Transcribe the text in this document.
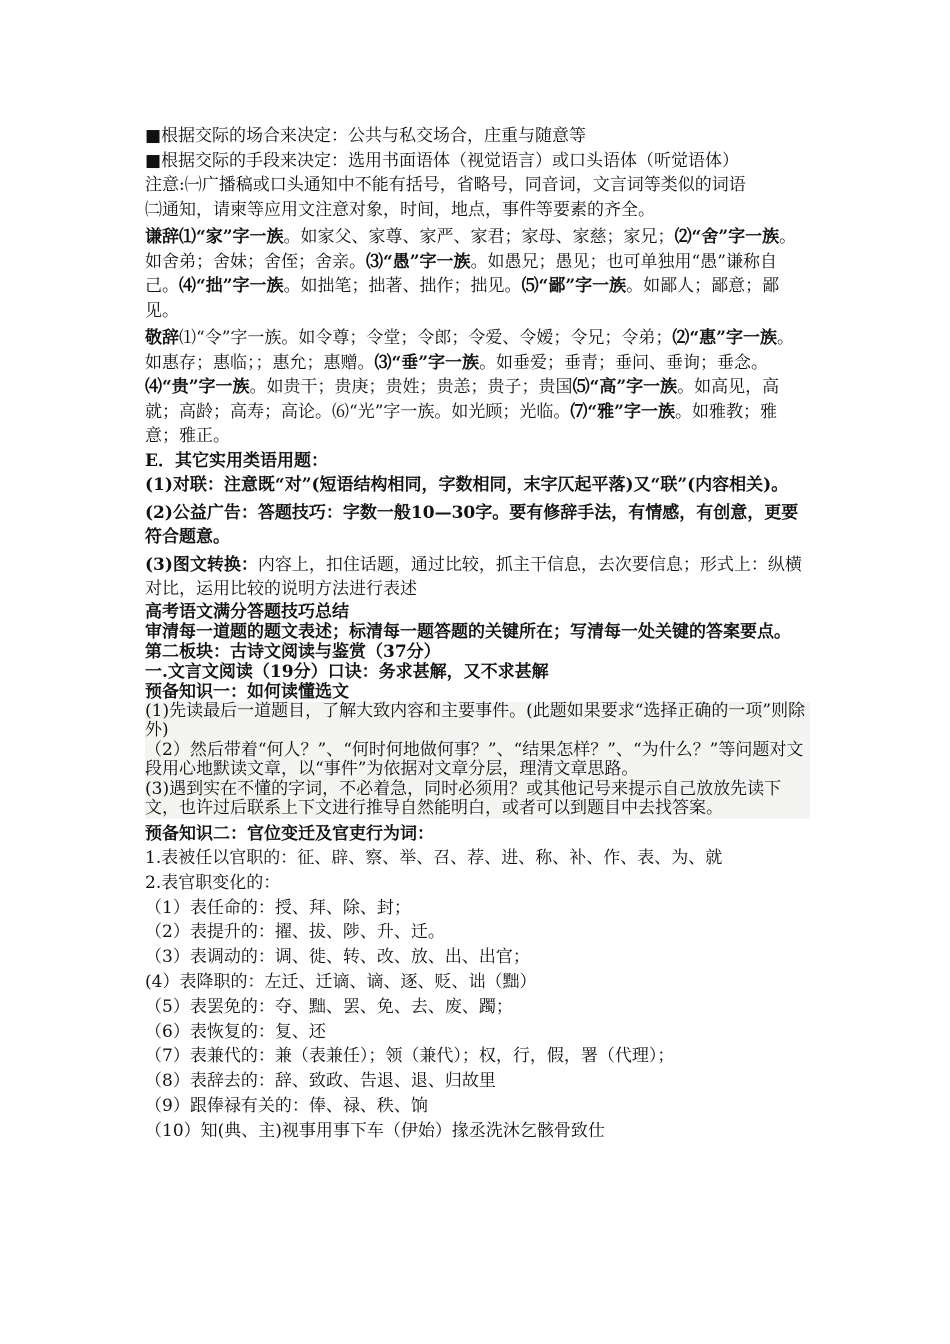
■根据交际的场合来决定：公共与私交场合，庄重与随意等

■根据交际的手段来决定：选用书面语体（视觉语言）或口头语体（听觉语体）

注意:㈠广播稿或口头通知中不能有括号，省略号，同音词，文言词等类似的词语

㈡通知，请柬等应用文注意对象，时间，地点，事件等要素的齐全。

谦辞⑴“家”字一族。如家父、家尊、家严、家君；家母、家慈；家兄；⑵“舍”字一族。如舍弟；舍妹；舍侄；舍亲。⑶“愚”字一族。如愚兄；愚见；也可单独用“愚”谦称自己。⑷“拙”字一族。如拙笔；拙著、拙作；拙见。⑸“鄙”字一族。如鄙人；鄙意；鄙见。

敬辞⑴“令”字一族。如令尊；令堂；令郎；令爱、令嫒；令兄；令弟；⑵“惠”字一族。如惠存；惠临；；惠允；惠赠。⑶“垂”字一族。如垂爱；垂青；垂问、垂询；垂念。⑷“贵”字一族。如贵干；贵庚；贵姓；贵恙；贵子；贵国⑸“高”字一族。如高见，高就；高龄；高寿；高论。⑹“光”字一族。如光顾；光临。⑺“雅”字一族。如雅教；雅意；雅正。

E．其它实用类语用题：

(1)对联：注意既“对”(短语结构相同，字数相同，末字仄起平落)又“联”(内容相关)。

(2)公益广告：答题技巧：字数一般10—30字。要有修辞手法，有情感，有创意，更要符合题意。

(3)图文转换：内容上，扣住话题，通过比较，抓主干信息，去次要信息；形式上：纵横对比，运用比较的说明方法进行表述

高考语文满分答题技巧总结

审清每一道题的题文表述；标清每一题答题的关键所在；写清每一处关键的答案要点。

第二板块：古诗文阅读与鉴赏（37分）

一.文言文阅读（19分）口诀：务求甚解，又不求甚解

预备知识一：如何读懂选文

(1)先读最后一道题目，了解大致内容和主要事件。(此题如果要求“选择正确的一项”则除外)

（2）然后带着“何人？”、“何时何地做何事？”、“结果怎样？”、“为什么？”等问题对文段用心地默读文章，以“事件”为依据对文章分层，理清文章思路。

(3)遇到实在不懂的字词，不必着急，同时必须用？或其他记号来提示自己放放先读下文，也许过后联系上下文进行推导自然能明白，或者可以到题目中去找答案。

预备知识二：官位变迁及官吏行为词：

1.表被任以官职的：征、辟、察、举、召、荐、进、称、补、作、表、为、就

2.表官职变化的：

（1）表任命的：授、拜、除、封；

（2）表提升的：擢、拔、陟、升、迁。

（3）表调动的：调、徙、转、改、放、出、出官；

(4）表降职的：左迁、迁谪、谪、逐、贬、诎（黜）

（5）表罢免的：夺、黜、罢、免、去、废、躅；

（6）表恢复的：复、还

（7）表兼代的：兼（表兼任）；领（兼代）；权，行，假，署（代理）；

（8）表辞去的：辞、致政、告退、退、归故里

（9）跟俸禄有关的：俸、禄、秩、饷

（10）知(典、主)视事用事下车（伊始）掾丞洗沐乞骸骨致仕
